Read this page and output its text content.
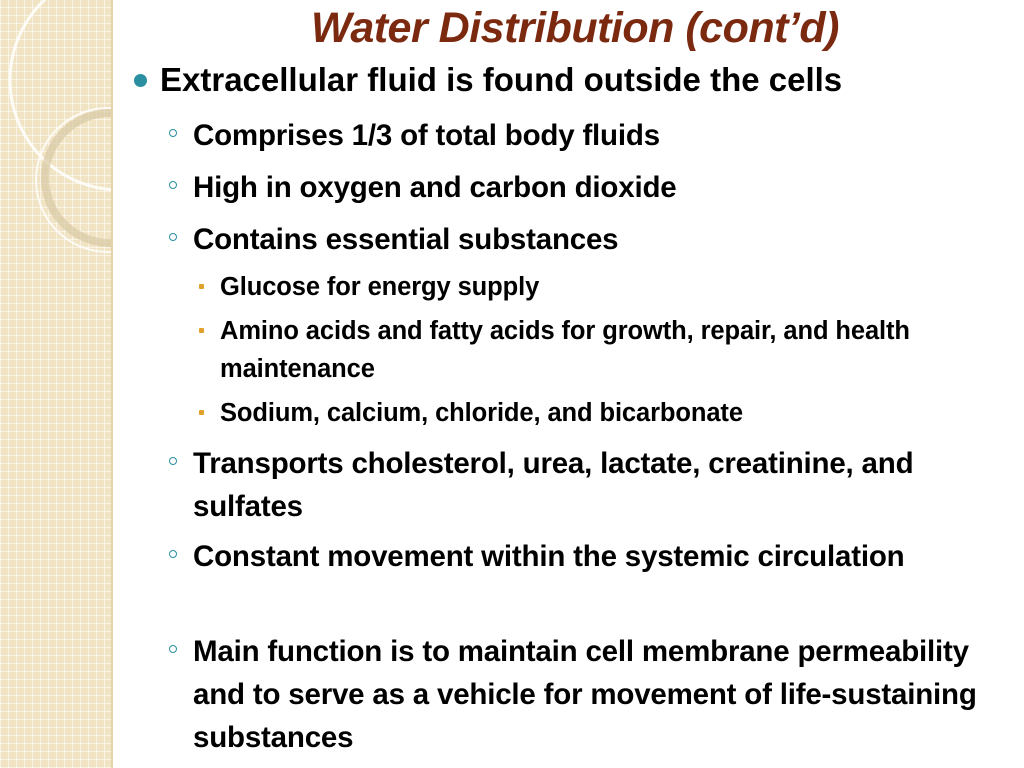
Water Distribution (cont’d)

Extracellular fluid is found outside the cells

Comprises 1/3 of total body fluids

High in oxygen and carbon dioxide

Contains essential substances

Glucose for energy supply

Amino acids and fatty acids for growth, repair, and health maintenance

Sodium, calcium, chloride, and bicarbonate

Transports cholesterol, urea, lactate, creatinine, and sulfates

Constant movement within the systemic circulation

Main function is to maintain cell membrane permeability and to serve as a vehicle for movement of life-sustaining substances
